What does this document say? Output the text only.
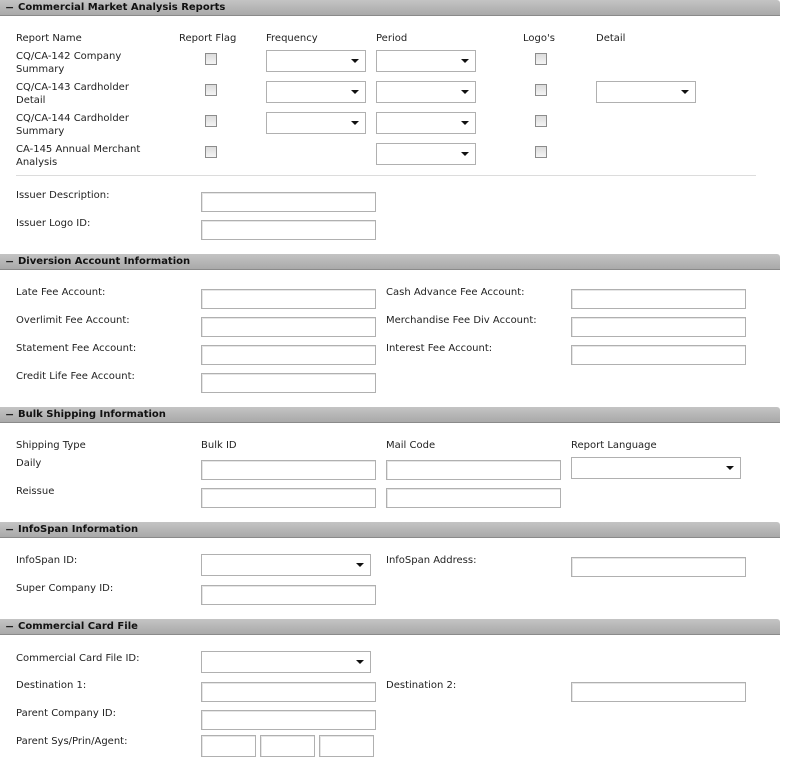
− Commercial Market Analysis Reports
Report Name	Report Flag	Frequency	Period	Logo's	Detail
CQ/CA-142 Company Summary
CQ/CA-143 Cardholder Detail
CQ/CA-144 Cardholder Summary
CA-145 Annual Merchant Analysis
Issuer Description:
Issuer Logo ID:
− Diversion Account Information
Late Fee Account:	Cash Advance Fee Account:
Overlimit Fee Account:	Merchandise Fee Div Account:
Statement Fee Account:	Interest Fee Account:
Credit Life Fee Account:
− Bulk Shipping Information
Shipping Type	Bulk ID	Mail Code	Report Language
Daily
Reissue
− InfoSpan Information
InfoSpan ID:	InfoSpan Address:
Super Company ID:
− Commercial Card File
Commercial Card File ID:
Destination 1:	Destination 2:
Parent Company ID:
Parent Sys/Prin/Agent:
